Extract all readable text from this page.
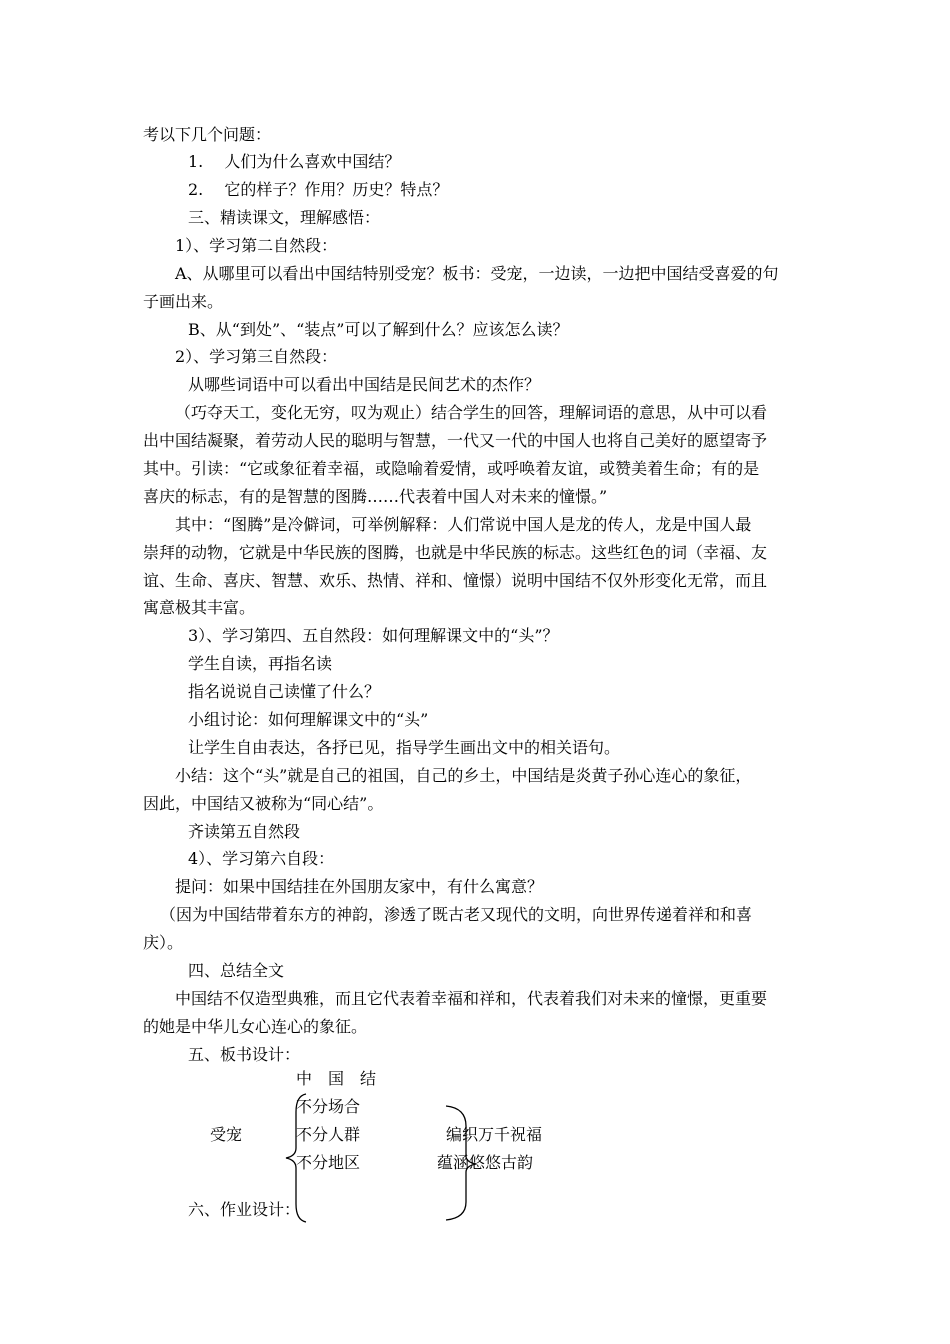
考以下几个问题：
1.　 人们为什么喜欢中国结？
2.　 它的样子？作用？历史？特点？
三、精读课文，理解感悟：
1）、学习第二自然段：
A、从哪里可以看出中国结特别受宠？板书：受宠，一边读，一边把中国结受喜爱的句
子画出来。
B、从“到处”、“装点”可以了解到什么？应该怎么读？
2）、学习第三自然段：
从哪些词语中可以看出中国结是民间艺术的杰作？
（巧夺天工，变化无穷，叹为观止）结合学生的回答，理解词语的意思，从中可以看
出中国结凝聚，着劳动人民的聪明与智慧，一代又一代的中国人也将自己美好的愿望寄予
其中。引读：“它或象征着幸福，或隐喻着爱情，或呼唤着友谊，或赞美着生命；有的是
喜庆的标志，有的是智慧的图腾……代表着中国人对未来的憧憬。”
其中：“图腾”是冷僻词，可举例解释：人们常说中国人是龙的传人，龙是中国人最
崇拜的动物，它就是中华民族的图腾，也就是中华民族的标志。这些红色的词（幸福、友
谊、生命、喜庆、智慧、欢乐、热情、祥和、憧憬）说明中国结不仅外形变化无常，而且
寓意极其丰富。
3）、学习第四、五自然段：如何理解课文中的“头”？
学生自读，再指名读
指名说说自己读懂了什么？
小组讨论：如何理解课文中的“头”
让学生自由表达，各抒已见，指导学生画出文中的相关语句。
小结：这个“头”就是自己的祖国，自己的乡土，中国结是炎黄子孙心连心的象征，
因此，中国结又被称为“同心结”。
齐读第五自然段
4）、学习第六自段：
提问：如果中国结挂在外国朋友家中，有什么寓意？
（因为中国结带着东方的神韵，渗透了既古老又现代的文明，向世界传递着祥和和喜
庆）。
四、总结全文
中国结不仅造型典雅，而且它代表着幸福和祥和，代表着我们对未来的憧憬，更重要
的她是中华儿女心连心的象征。
五、板书设计：
中　国　结
受宠
不分场合
不分人群
不分地区
编织万千祝福
蕴涵悠悠古韵
六、作业设计：
